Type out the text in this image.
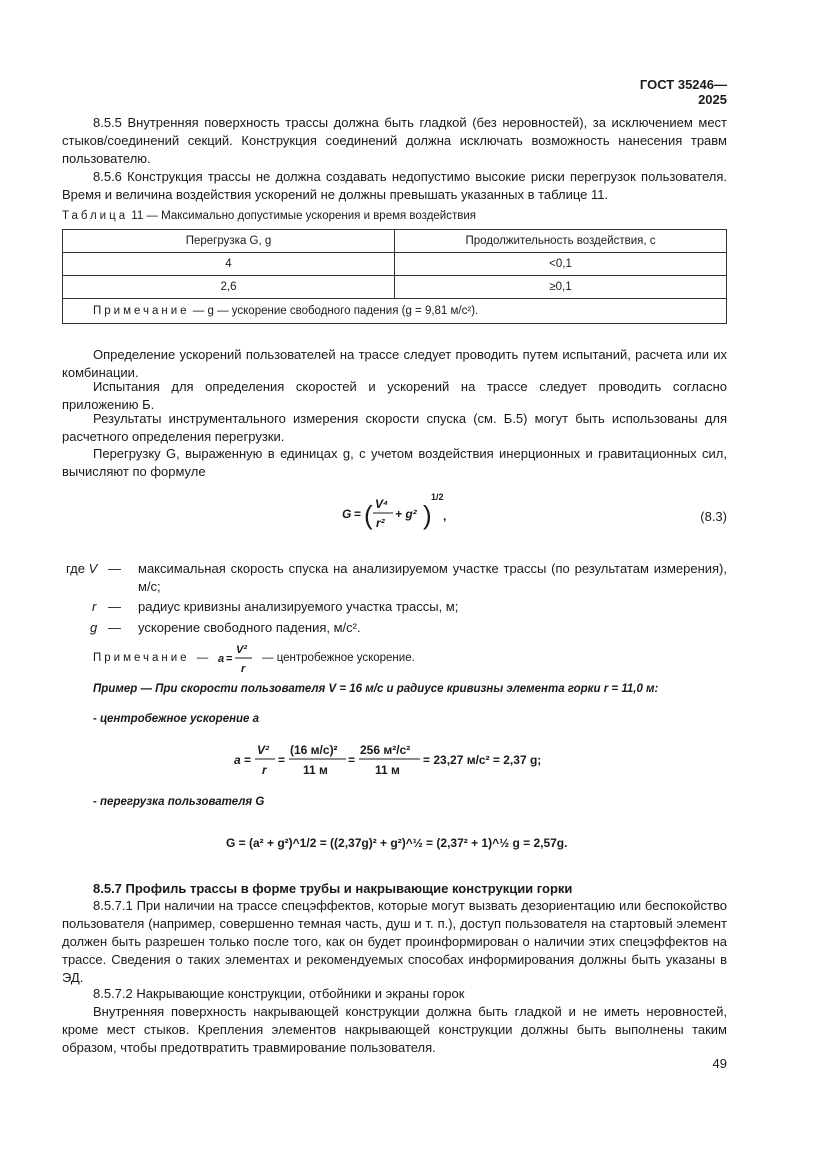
ГОСТ 35246—2025
8.5.5 Внутренняя поверхность трассы должна быть гладкой (без неровностей), за исключением мест стыков/соединений секций. Конструкция соединений должна исключать возможность нанесения травм пользователю.
8.5.6 Конструкция трассы не должна создавать недопустимо высокие риски перегрузок пользователя. Время и величина воздействия ускорений не должны превышать указанных в таблице 11.
Таблица 11 — Максимально допустимые ускорения и время воздействия
Перегрузка G, g	Продолжительность воздействия, с
4	<0,1
2,6	≥0,1
Примечание — g — ускорение свободного падения (g = 9,81 м/с²).	
Определение ускорений пользователей на трассе следует проводить путем испытаний, расчета или их комбинации.
Испытания для определения скоростей и ускорений на трассе следует проводить согласно приложению Б.
Результаты инструментального измерения скорости спуска (см. Б.5) могут быть использованы для расчетного определения перегрузки.
Перегрузку G, выраженную в единицах g, с учетом воздействия инерционных и гравитационных сил, вычисляют по формуле
G = ( V⁴
r²
+ g² )
1/2
,	(8.3)
где V — максимальная скорость спуска на анализируемом участке трассы (по результатам измерения), м/с;
r — радиус кривизны анализируемого участка трассы, м;
g — ускорение свободного падения, м/с².
Примечание — a =
V²
r
— центробежное ускорение.
Пример — При скорости пользователя V = 16 м/с и радиусе кривизны элемента горки r = 11,0 м:
- центробежное ускорение a
a =
V²
r
=
(16 м/с)²
11 м
=
256 м²/с²
11 м
= 23,27 м/с² = 2,37 g;
- перегрузка пользователя G
G = (a² + g²)^1/2 = ((2,37g)² + g²)^½ = (2,37² + 1)^½ g = 2,57g.
8.5.7 Профиль трассы в форме трубы и накрывающие конструкции горки
8.5.7.1 При наличии на трассе спецэффектов, которые могут вызвать дезориентацию или беспокойство пользователя (например, совершенно темная часть, душ и т. п.), доступ пользователя на стартовый элемент должен быть разрешен только после того, как он будет проинформирован о наличии этих спецэффектов на трассе. Сведения о таких элементах и рекомендуемых способах информирования должны быть указаны в ЭД.
8.5.7.2 Накрывающие конструкции, отбойники и экраны горок
Внутренняя поверхность накрывающей конструкции должна быть гладкой и не иметь неровностей, кроме мест стыков. Крепления элементов накрывающей конструкции должны быть выполнены таким образом, чтобы предотвратить травмирование пользователя.
49
